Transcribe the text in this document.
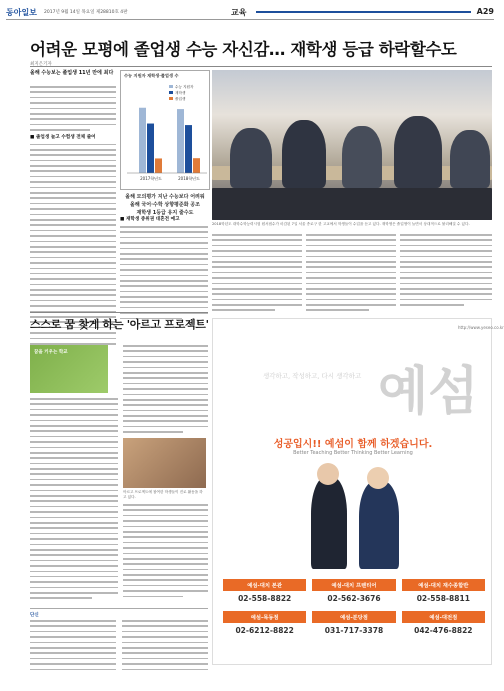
동아일보 2017년 9월 14일 목요일 제28810호 4판	교육	A29
어려운 모평에 졸업생 수능 자신감… 재학생 등급 하락할수도
최지은기자
올해 수능보는 졸업생 11년 만에 최다
■ 졸업생 늘고 수험생 전체 줄어
수능 지원자 재학생·졸업생 수
2017학년도	2018학년도
수능 지원자
재학생
졸업생
올해 모의평가 지난 수능보다 어려워
올해 국어·수학 상향평준화 공조
재학생 1등급 유지 줄수도
2018학년도 대학수학능력시험 원서접수가 마감된 7일 서울 종로구 한 고교에서 학생들이 수업을 듣고 있다. 재학생은 졸업생이 늘면서 상대적으로 불리해질 수 있다.
■ 재학생 중위권 대혼전 예고
스스로 꿈 찾게 하는 '아르고 프로젝트'
꿈을 키우는 학교
아르고 프로젝트에 참여한 학생들이 진로 활동을 하고 있다.
http://www.yeseo.co.kr
생각하고, 작성하고, 다시 생각하고 예섬
성공입시!! 예섬이 함께 하겠습니다.
Better Teaching Better Thinking Better Learning
예섬-대치 본관
02-558-8822
예섬-대치 프렌티어
02-562-3676
예섬-대치 재수종합반
02-558-8811
예섬-목동점
02-6212-8822
예섬-분당점
031-717-3378
예섬-대전점
042-476-8822
단신
